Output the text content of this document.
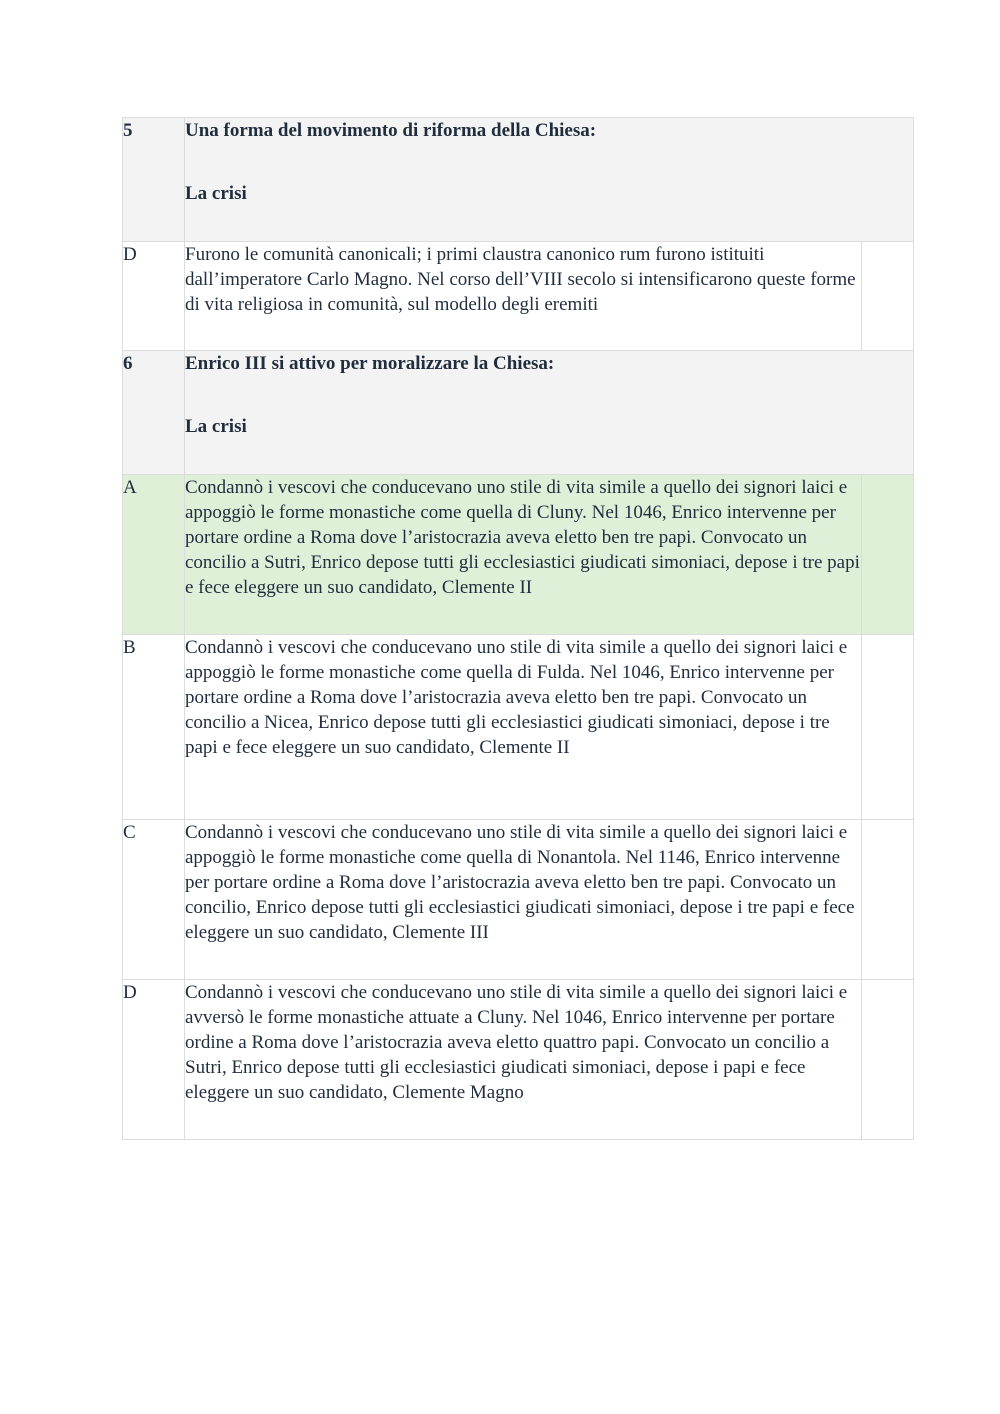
5	Una forma del movimento di riforma della Chiesa:
La crisi	

D	Furono le comunità canonicali; i primi claustra canonico rum furono istituiti dall’imperatore Carlo Magno. Nel corso dell’VIII secolo si intensificarono queste forme di vita religiosa in comunità, sul modello degli eremiti	
6	Enrico III si attivo per moralizzare la Chiesa:
La crisi	

A	Condannò i vescovi che conducevano uno stile di vita simile a quello dei signori laici e appoggiò le forme monastiche come quella di Cluny. Nel 1046, Enrico intervenne per portare ordine a Roma dove l’aristocrazia aveva eletto ben tre papi. Convocato un concilio a Sutri, Enrico depose tutti gli ecclesiastici giudicati simoniaci, depose i tre papi e fece eleggere un suo candidato, Clemente II	
B	Condannò i vescovi che conducevano uno stile di vita simile a quello dei signori laici e appoggiò le forme monastiche come quella di Fulda. Nel 1046, Enrico intervenne per portare ordine a Roma dove l’aristocrazia aveva eletto ben tre papi. Convocato un concilio a Nicea, Enrico depose tutti gli ecclesiastici giudicati simoniaci, depose i tre papi e fece eleggere un suo candidato, Clemente II	
C	Condannò i vescovi che conducevano uno stile di vita simile a quello dei signori laici e appoggiò le forme monastiche come quella di Nonantola. Nel 1146, Enrico intervenne per portare ordine a Roma dove l’aristocrazia aveva eletto ben tre papi. Convocato un concilio, Enrico depose tutti gli ecclesiastici giudicati simoniaci, depose i tre papi e fece eleggere un suo candidato, Clemente III	
D	Condannò i vescovi che conducevano uno stile di vita simile a quello dei signori laici e avversò le forme monastiche attuate a Cluny. Nel 1046, Enrico intervenne per portare ordine a Roma dove l’aristocrazia aveva eletto quattro papi. Convocato un concilio a Sutri, Enrico depose tutti gli ecclesiastici giudicati simoniaci, depose i papi e fece eleggere un suo candidato, Clemente Magno	
